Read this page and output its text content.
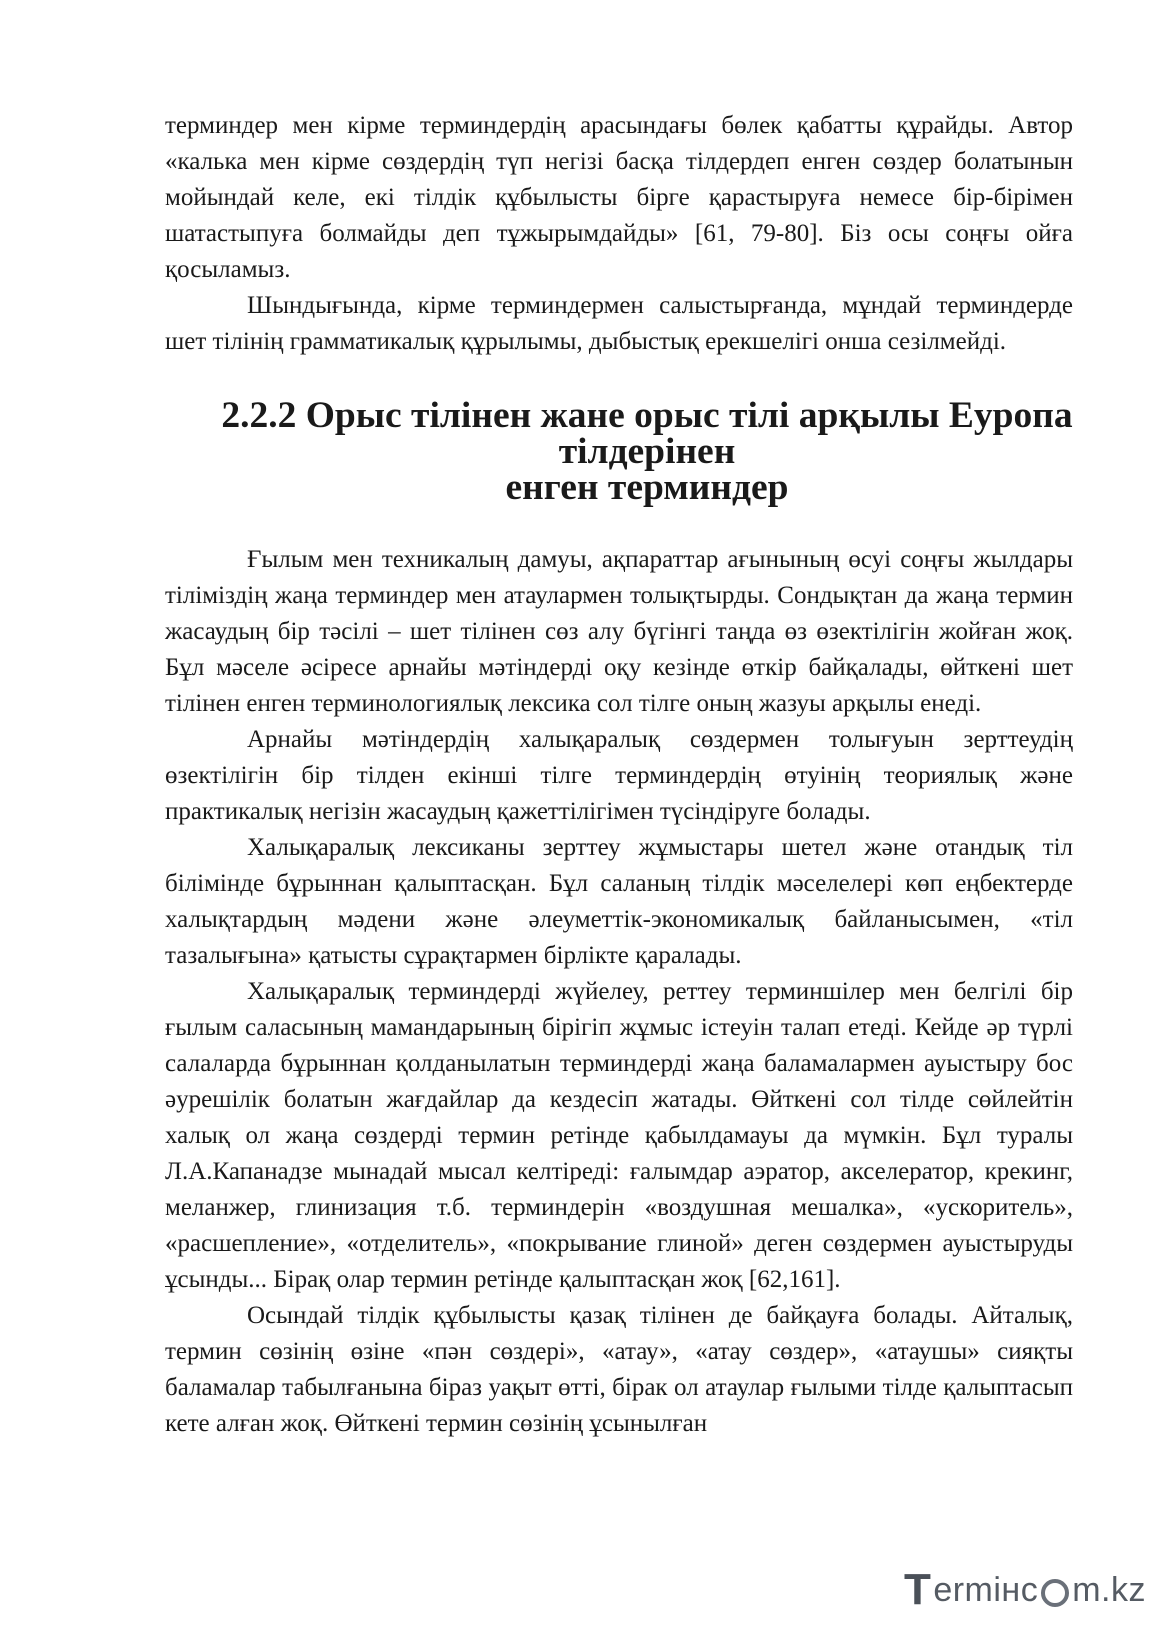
терминдер мен кірме терминдердің арасындағы бөлек қабатты құрайды. Автор «калька мен кірме сөздердің түп негізі басқа тілдердеп енген сөздер болатынын мойындай келе, екі тілдік құбылысты бірге қарастыруға немесе бір-бірімен шатастыпуға болмайды деп тұжырымдайды» [61, 79-80]. Біз осы соңғы ойға қосыламыз.

Шындығында, кірме терминдермен салыстырғанда, мұндай терминдерде шет тілінің грамматикалық құрылымы, дыбыстық ерекшелігі онша сезілмейді.

2.2.2 Орыс тілінен жане орыс тілі арқылы Еуропа тілдерінен
енген терминдер

Ғылым мен техникалың дамуы, ақпараттар ағынының өсуі соңғы жылдары тіліміздің жаңа терминдер мен атаулармен толықтырды. Сондықтан да жаңа термин жасаудың бір тәсілі – шет тілінен сөз алу бүгінгі таңда өз өзектілігін жойған жоқ. Бұл мәселе әсіресе арнайы мәтіндерді оқу кезінде өткір байқалады, өйткені шет тілінен енген терминологиялық лексика сол тілге оның жазуы арқылы енеді.

Арнайы мәтіндердің халықаралық сөздермен толығуын зерттеудің өзектілігін бір тілден екінші тілге терминдердің өтуінің теориялық және практикалық негізін жасаудың қажеттілігімен түсіндіруге болады.

Халықаралық лексиканы зерттеу жұмыстары шетел және отандық тіл білімінде бұрыннан қалыптасқан. Бұл саланың тілдік мәселелері көп еңбектерде халықтардың мәдени және әлеуметтік-экономикалық байланысымен, «тіл тазалығына» қатысты сұрақтармен бірлікте қаралады.

Халықаралық терминдерді жүйелеу, реттеу терминшілер мен белгілі бір ғылым саласының мамандарының бірігіп жұмыс істеуін талап етеді. Кейде әр түрлі салаларда бұрыннан қолданылатын терминдерді жаңа баламалармен ауыстыру бос әурешілік болатын жағдайлар да кездесіп жатады. Өйткені сол тілде сөйлейтін халық ол жаңа сөздерді термин ретінде қабылдамауы да мүмкін. Бұл туралы Л.А.Капанадзе мынадай мысал келтіреді: ғалымдар аэратор, акселератор, крекинг, меланжер, глинизация т.б. терминдерін «воздушная мешалка», «ускоритель», «расшепление», «отделитель», «покрывание глиной» деген сөздермен ауыстыруды ұсынды... Бірақ олар термин ретінде қалыптасқан жоқ [62,161].

Осындай тілдік құбылысты қазақ тілінен де байқауға болады. Айталық, термин сөзінің өзіне «пән сөздері», «атау», «атау сөздер», «атаушы» сияқты баламалар табылғанына біраз уақыт өтті, бірак ол атаулар ғылыми тілде қалыптасып кете алған жоқ. Өйткені термин сөзінің ұсынылған

T ermінc m.kz
